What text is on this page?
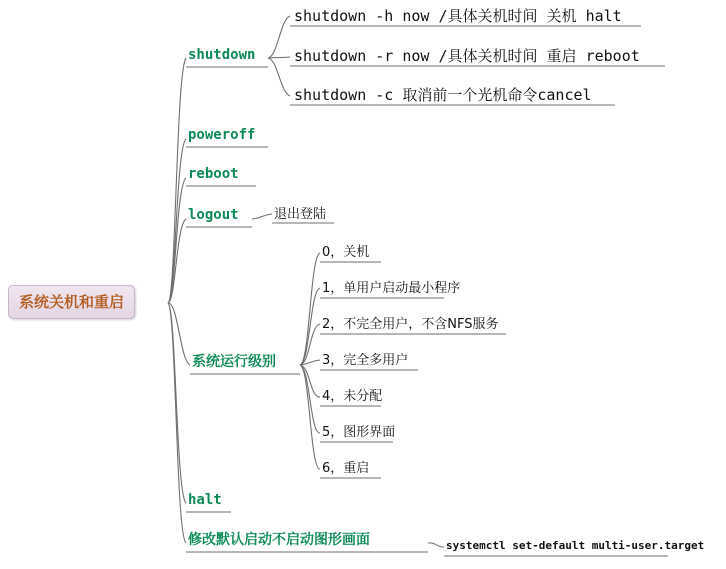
系统关机和重启
shutdown
shutdown -h now /具体关机时间 关机 halt
shutdown -r now /具体关机时间 重启 reboot
shutdown -c 取消前一个光机命令cancel
poweroff
reboot
logout	退出登陆
系统运行级别
0，关机
1，单用户启动最小程序
2，不完全用户，不含NFS服务
3，完全多用户
4，未分配
5，图形界面
6，重启
halt
修改默认启动不启动图形画面	systemctl set-default multi-user.target
